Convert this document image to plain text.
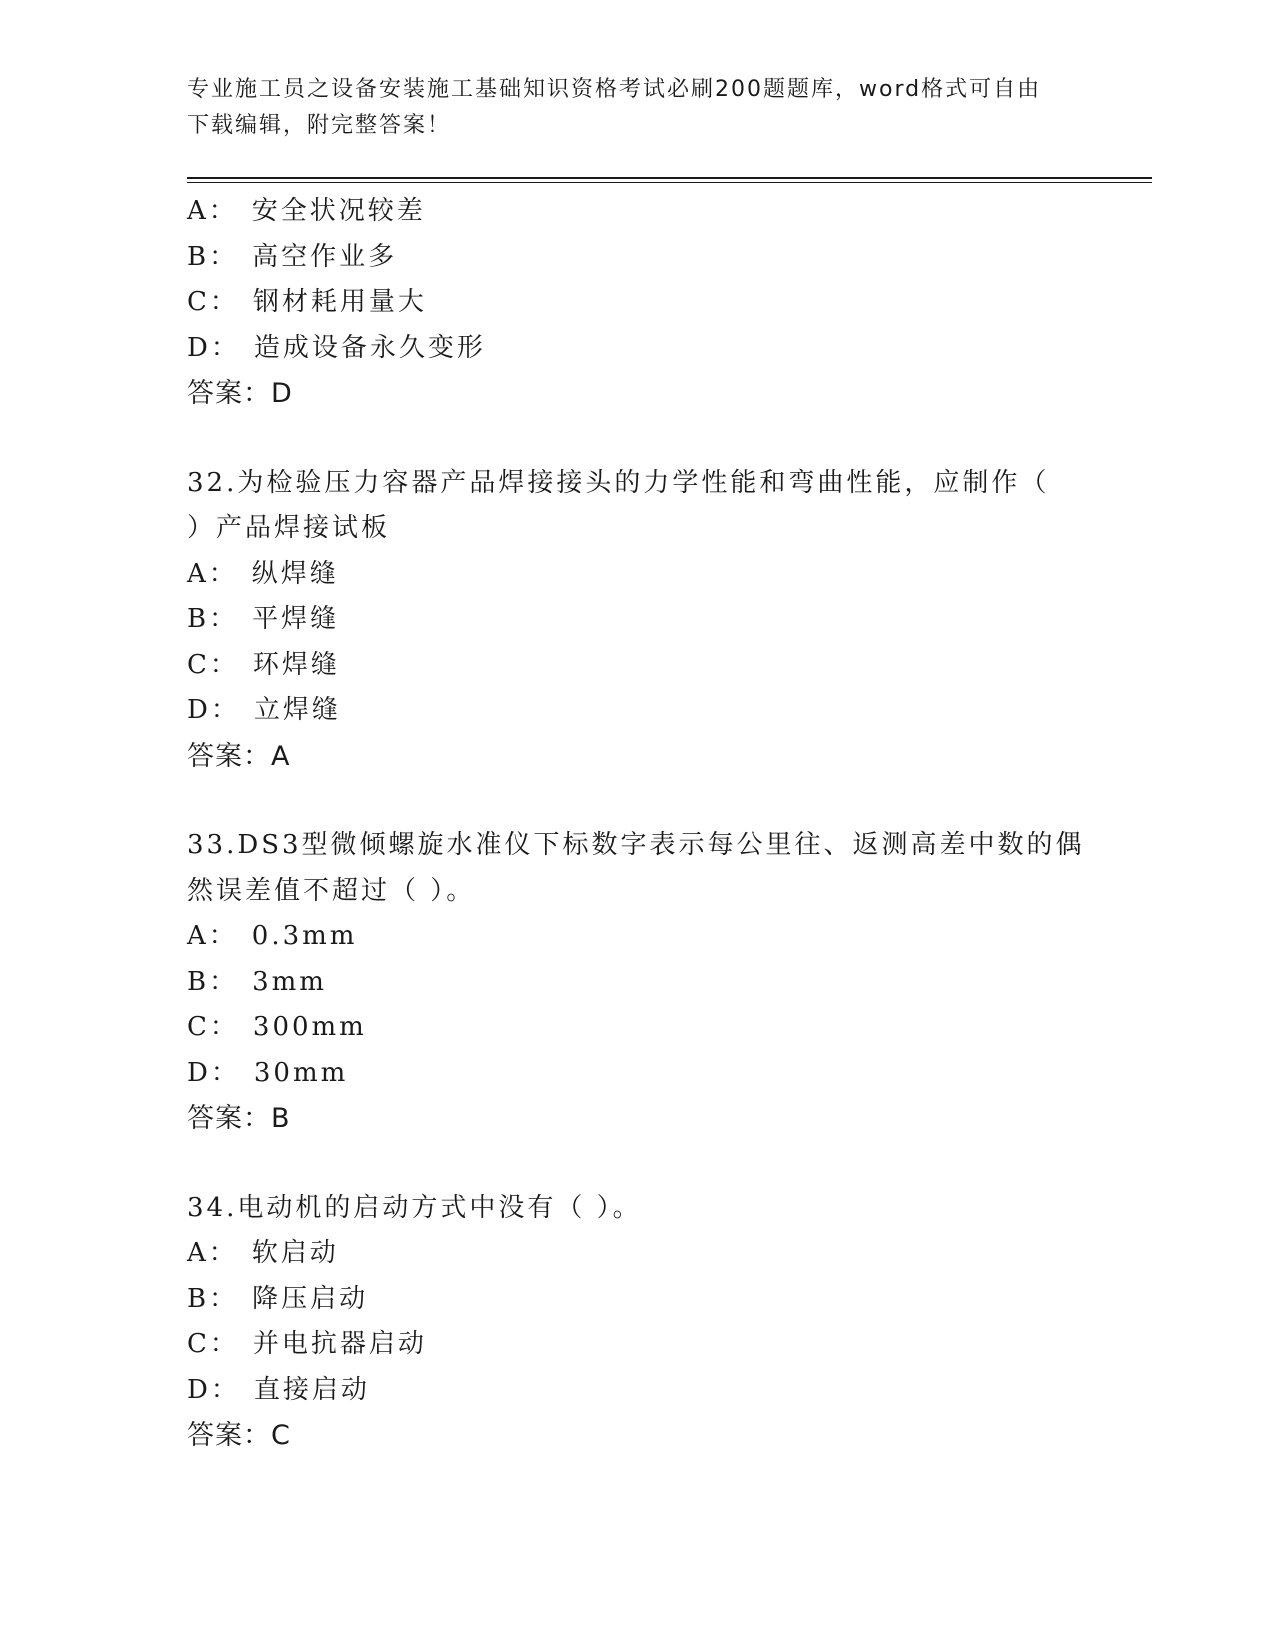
专业施工员之设备安装施工基础知识资格考试必刷200题题库，word格式可自由
下载编辑，附完整答案！
A： 安全状况较差
B： 高空作业多
C： 钢材耗用量大
D： 造成设备永久变形
答案：D
32.为检验压力容器产品焊接接头的力学性能和弯曲性能，应制作（
）产品焊接试板
A： 纵焊缝
B： 平焊缝
C： 环焊缝
D： 立焊缝
答案：A
33.DS3型微倾螺旋水准仪下标数字表示每公里往、返测高差中数的偶
然误差值不超过（ ）。
A： 0.3mm
B： 3mm
C： 300mm
D： 30mm
答案：B
34.电动机的启动方式中没有（ ）。
A： 软启动
B： 降压启动
C： 并电抗器启动
D： 直接启动
答案：C
